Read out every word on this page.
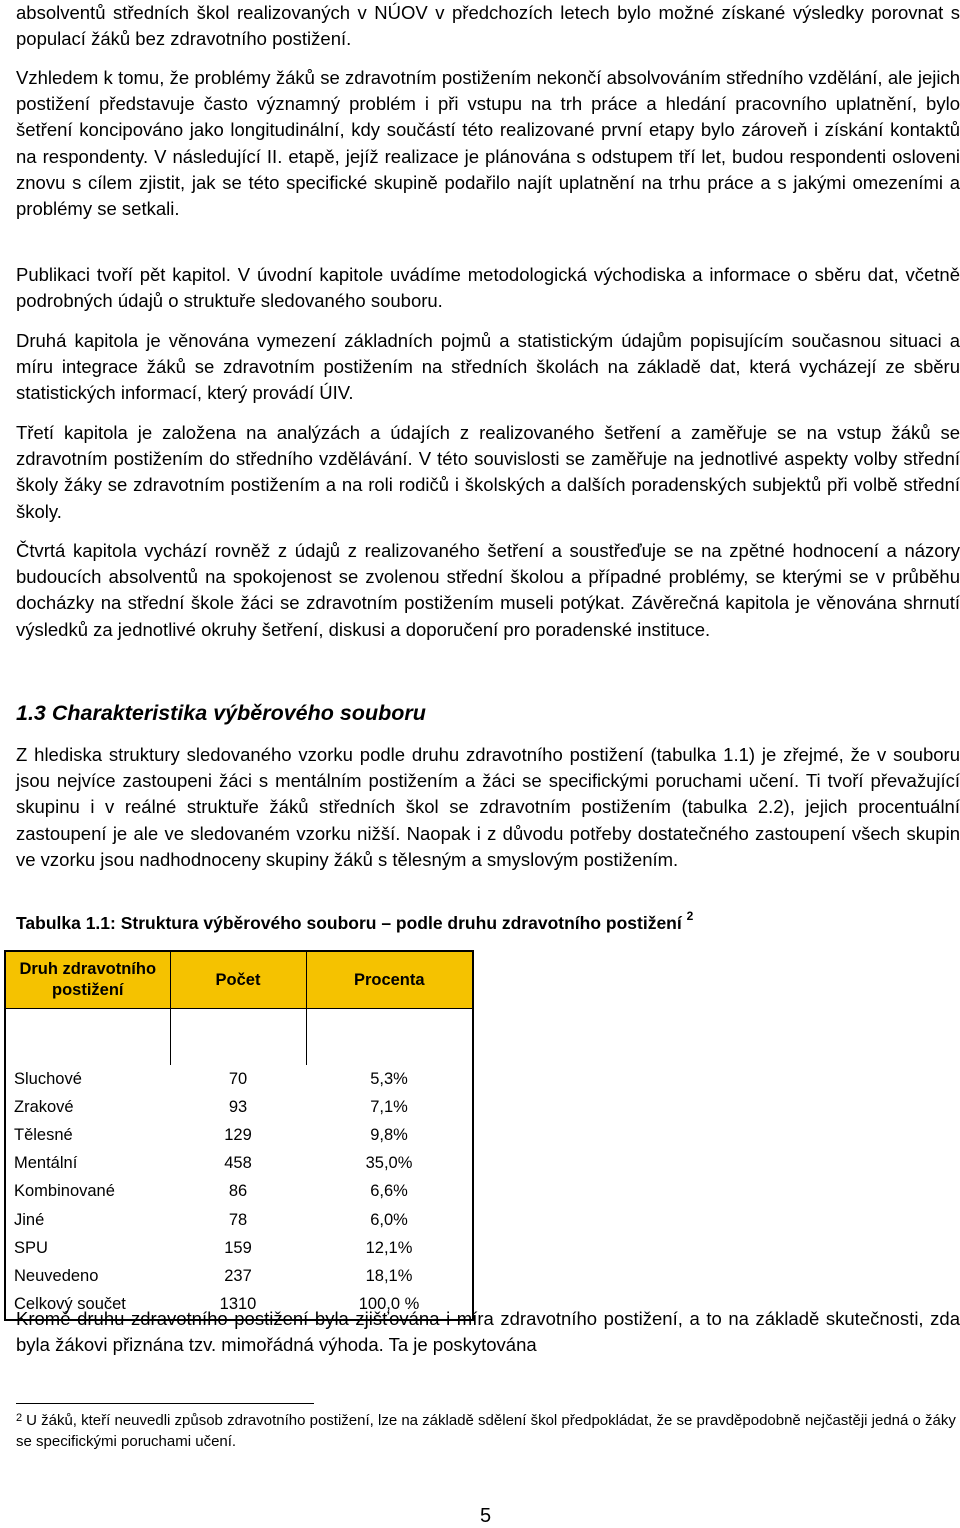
absolventů středních škol realizovaných v NÚOV v předchozích letech bylo možné získané výsledky porovnat s populací žáků bez zdravotního postižení.

Vzhledem k tomu, že problémy žáků se zdravotním postižením nekončí absolvováním středního vzdělání, ale jejich postižení představuje často významný problém i při vstupu na trh práce a hledání pracovního uplatnění, bylo šetření koncipováno jako longitudinální, kdy součástí této realizované první etapy bylo zároveň i získání kontaktů na respondenty. V následující II. etapě, jejíž realizace je plánována s odstupem tří let, budou respondenti osloveni znovu s cílem zjistit, jak se této specifické skupině podařilo najít uplatnění na trhu práce a s jakými omezeními a problémy se setkali.

Publikaci tvoří pět kapitol. V úvodní kapitole uvádíme metodologická východiska a informace o sběru dat, včetně podrobných údajů o struktuře sledovaného souboru.

Druhá kapitola je věnována vymezení základních pojmů a statistickým údajům popisujícím současnou situaci a míru integrace žáků se zdravotním postižením na středních školách na základě dat, která vycházejí ze sběru statistických informací, který provádí ÚIV.

Třetí kapitola je založena na analýzách a údajích z realizovaného šetření a zaměřuje se na vstup žáků se zdravotním postižením do středního vzdělávání. V této souvislosti se zaměřuje na jednotlivé aspekty volby střední školy žáky se zdravotním postižením a na roli rodičů i školských a dalších poradenských subjektů při volbě střední školy.

Čtvrtá kapitola vychází rovněž z údajů z realizovaného šetření a soustřeďuje se na zpětné hodnocení a názory budoucích absolventů na spokojenost se zvolenou střední školou a případné problémy, se kterými se v průběhu docházky na střední škole žáci se zdravotním postižením museli potýkat. Závěrečná kapitola je věnována shrnutí výsledků za jednotlivé okruhy šetření, diskusi a doporučení pro poradenské instituce.

1.3 Charakteristika výběrového souboru

Z hlediska struktury sledovaného vzorku podle druhu zdravotního postižení (tabulka 1.1) je zřejmé, že v souboru jsou nejvíce zastoupeni žáci s mentálním postižením a žáci se specifickými poruchami učení. Ti tvoří převažující skupinu i v reálné struktuře žáků středních škol se zdravotním postižením (tabulka 2.2), jejich procentuální zastoupení je ale ve sledovaném vzorku nižší. Naopak i z důvodu potřeby dostatečného zastoupení všech skupin ve vzorku jsou nadhodnoceny skupiny žáků s tělesným a smyslovým postižením.

Tabulka 1.1: Struktura výběrového souboru – podle druhu zdravotního postižení $^2$
Druh zdravotního postižení	Počet	Procenta

Sluchové	70	5,3%
Zrakové	93	7,1%
Tělesné	129	9,8%
Mentální	458	35,0%
Kombinované	86	6,6%
Jiné	78	6,0%
SPU	159	12,1%
Neuvedeno	237	18,1%
Celkový součet	1310	100,0 %

Kromě druhu zdravotního postižení byla zjišťována i míra zdravotního postižení, a to na základě skutečnosti, zda byla žákovi přiznána tzv. mimořádná výhoda. Ta je poskytována

$^2$ U žáků, kteří neuvedli způsob zdravotního postižení, lze na základě sdělení škol předpokládat, že se pravděpodobně nejčastěji jedná o žáky se specifickými poruchami učení.
5
